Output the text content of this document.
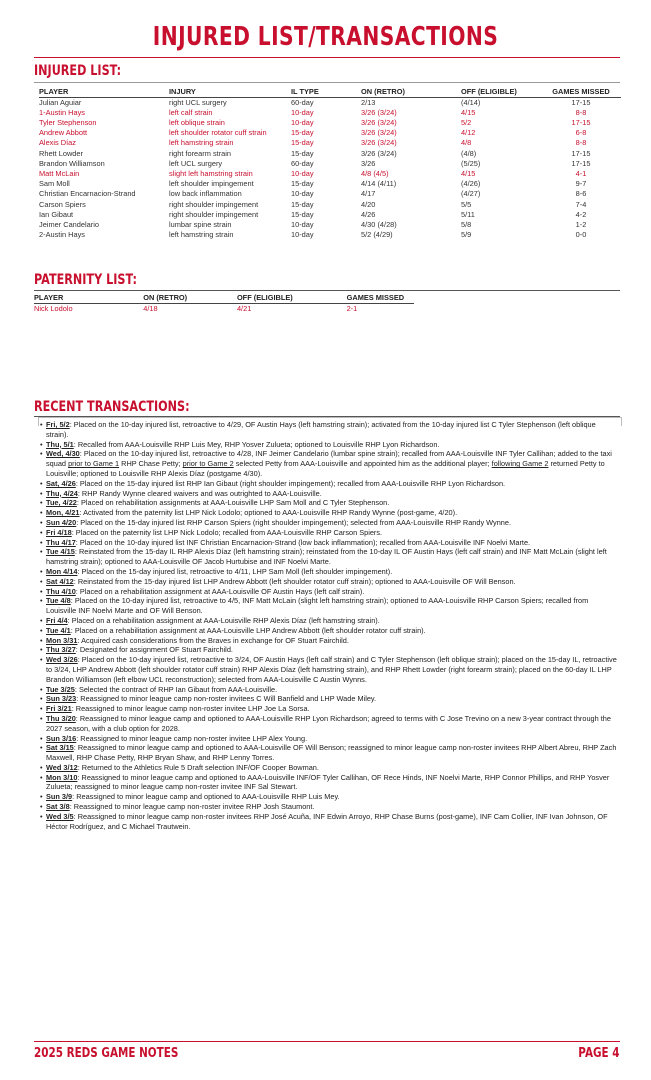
INJURED LIST/TRANSACTIONS
INJURED LIST:
PLAYER	INJURY	IL TYPE	ON (RETRO)	OFF (ELIGIBLE)	GAMES MISSED
Julian Aguiar	right UCL surgery	60-day	2/13	(4/14)	17-15
1-Austin Hays	left calf strain	10-day	3/26 (3/24)	4/15	8-8
Tyler Stephenson	left oblique strain	10-day	3/26 (3/24)	5/2	17-15
Andrew Abbott	left shoulder rotator cuff strain	15-day	3/26 (3/24)	4/12	6-8
Alexis Díaz	left hamstring strain	15-day	3/26 (3/24)	4/8	8-8
Rhett Lowder	right forearm strain	15-day	3/26 (3/24)	(4/8)	17-15
Brandon Williamson	left UCL surgery	60-day	3/26	(5/25)	17-15
Matt McLain	slight left hamstring strain	10-day	4/8 (4/5)	4/15	4-1
Sam Moll	left shoulder impingement	15-day	4/14 (4/11)	(4/26)	9-7
Christian Encarnacion-Strand	low back inflammation	10-day	4/17	(4/27)	8-6
Carson Spiers	right shoulder impingement	15-day	4/20	5/5	7-4
Ian Gibaut	right shoulder impingement	15-day	4/26	5/11	4-2
Jeimer Candelario	lumbar spine strain	10-day	4/30 (4/28)	5/8	1-2
2-Austin Hays	left hamstring strain	10-day	5/2 (4/29)	5/9	0-0
PATERNITY LIST:
PLAYER	ON (RETRO)	OFF (ELIGIBLE)	GAMES MISSED
Nick Lodolo	4/18	4/21	2-1
RECENT TRANSACTIONS:
• Fri, 5/2: Placed on the 10-day injured list, retroactive to 4/29, OF Austin Hays (left hamstring strain); activated from the 10-day injured list C Tyler Stephenson (left oblique strain).
• Thu, 5/1: Recalled from AAA-Louisville RHP Luis Mey, RHP Yosver Zulueta; optioned to Louisville RHP Lyon Richardson.
• Wed, 4/30: Placed on the 10-day injured list, retroactive to 4/28, INF Jeimer Candelario (lumbar spine strain); recalled from AAA-Louisville INF Tyler Callihan; added to the taxi squad prior to Game 1 RHP Chase Petty; prior to Game 2 selected Petty from AAA-Louisville and appointed him as the additional player; following Game 2 returned Petty to Louisville; optioned to Louisville RHP Alexis Díaz (postgame 4/30).
• Sat, 4/26: Placed on the 15-day injured list RHP Ian Gibaut (right shoulder impingement); recalled from AAA-Louisville RHP Lyon Richardson.
• Thu, 4/24: RHP Randy Wynne cleared waivers and was outrighted to AAA-Louisville.
• Tue, 4/22: Placed on rehabilitation assignments at AAA-Louisville LHP Sam Moll and C Tyler Stephenson.
• Mon, 4/21: Activated from the paternity list LHP Nick Lodolo; optioned to AAA-Louisville RHP Randy Wynne (post-game, 4/20).
• Sun 4/20: Placed on the 15-day injured list RHP Carson Spiers (right shoulder impingement); selected from AAA-Louisville RHP Randy Wynne.
• Fri 4/18: Placed on the paternity list LHP Nick Lodolo; recalled from AAA-Louisville RHP Carson Spiers.
• Thu 4/17: Placed on the 10-day injured list INF Christian Encarnacion-Strand (low back inflammation); recalled from AAA-Louisville INF Noelvi Marte.
• Tue 4/15: Reinstated from the 15-day IL RHP Alexis Díaz (left hamstring strain); reinstated from the 10-day IL OF Austin Hays (left calf strain) and INF Matt McLain (slight left hamstring strain); optioned to AAA-Louisville OF Jacob Hurtubise and INF Noelvi Marte.
• Mon 4/14: Placed on the 15-day injured list, retroactive to 4/11, LHP Sam Moll (left shoulder impingement).
• Sat 4/12: Reinstated from the 15-day injured list LHP Andrew Abbott (left shoulder rotator cuff strain); optioned to AAA-Louisville OF Will Benson.
• Thu 4/10: Placed on a rehabilitation assignment at AAA-Louisville OF Austin Hays (left calf strain).
• Tue 4/8: Placed on the 10-day injured list, retroactive to 4/5, INF Matt McLain (slight left hamstring strain); optioned to AAA-Louisville RHP Carson Spiers; recalled from Louisville INF Noelvi Marte and OF Will Benson.
• Fri 4/4: Placed on a rehabilitation assignment at AAA-Louisville RHP Alexis Díaz (left hamstring strain).
• Tue 4/1: Placed on a rehabilitation assignment at AAA-Louisville LHP Andrew Abbott (left shoulder rotator cuff strain).
• Mon 3/31: Acquired cash considerations from the Braves in exchange for OF Stuart Fairchild.
• Thu 3/27: Designated for assignment OF Stuart Fairchild.
• Wed 3/26: Placed on the 10-day injured list, retroactive to 3/24, OF Austin Hays (left calf strain) and C Tyler Stephenson (left oblique strain); placed on the 15-day IL, retroactive to 3/24, LHP Andrew Abbott (left shoulder rotator cuff strain) RHP Alexis Díaz (left hamstring strain), and RHP Rhett Lowder (right forearm strain); placed on the 60-day IL LHP Brandon Williamson (left elbow UCL reconstruction); selected from AAA-Louisville C Austin Wynns.
• Tue 3/25: Selected the contract of RHP Ian Gibaut from AAA-Louisville.
• Sun 3/23: Reassigned to minor league camp non-roster invitees C Will Banfield and LHP Wade Miley.
• Fri 3/21: Reassigned to minor league camp non-roster invitee LHP Joe La Sorsa.
• Thu 3/20: Reassigned to minor league camp and optioned to AAA-Louisville RHP Lyon Richardson; agreed to terms with C Jose Trevino on a new 3-year contract through the 2027 season, with a club option for 2028.
• Sun 3/16: Reassigned to minor league camp non-roster invitee LHP Alex Young.
• Sat 3/15: Reassigned to minor league camp and optioned to AAA-Louisville OF Will Benson; reassigned to minor league camp non-roster invitees RHP Albert Abreu, RHP Zach Maxwell, RHP Chase Petty, RHP Bryan Shaw, and RHP Lenny Torres.
• Wed 3/12: Returned to the Athletics Rule 5 Draft selection INF/OF Cooper Bowman.
• Mon 3/10: Reassigned to minor league camp and optioned to AAA-Louisville INF/OF Tyler Callihan, OF Rece Hinds, INF Noelvi Marte, RHP Connor Phillips, and RHP Yosver
Zulueta; reassigned to minor league camp non-roster invitee INF Sal Stewart.
• Sun 3/9: Reassigned to minor league camp and optioned to AAA-Louisville RHP Luis Mey.
• Sat 3/8: Reassigned to minor league camp non-roster invitee RHP Josh Staumont.
• Wed 3/5: Reassigned to minor league camp non-roster invitees RHP José Acuña, INF Edwin Arroyo, RHP Chase Burns (post-game), INF Cam Collier, INF Ivan Johnson, OF Héctor Rodríguez, and C Michael Trautwein.
2025 REDS GAME NOTES	PAGE 4
